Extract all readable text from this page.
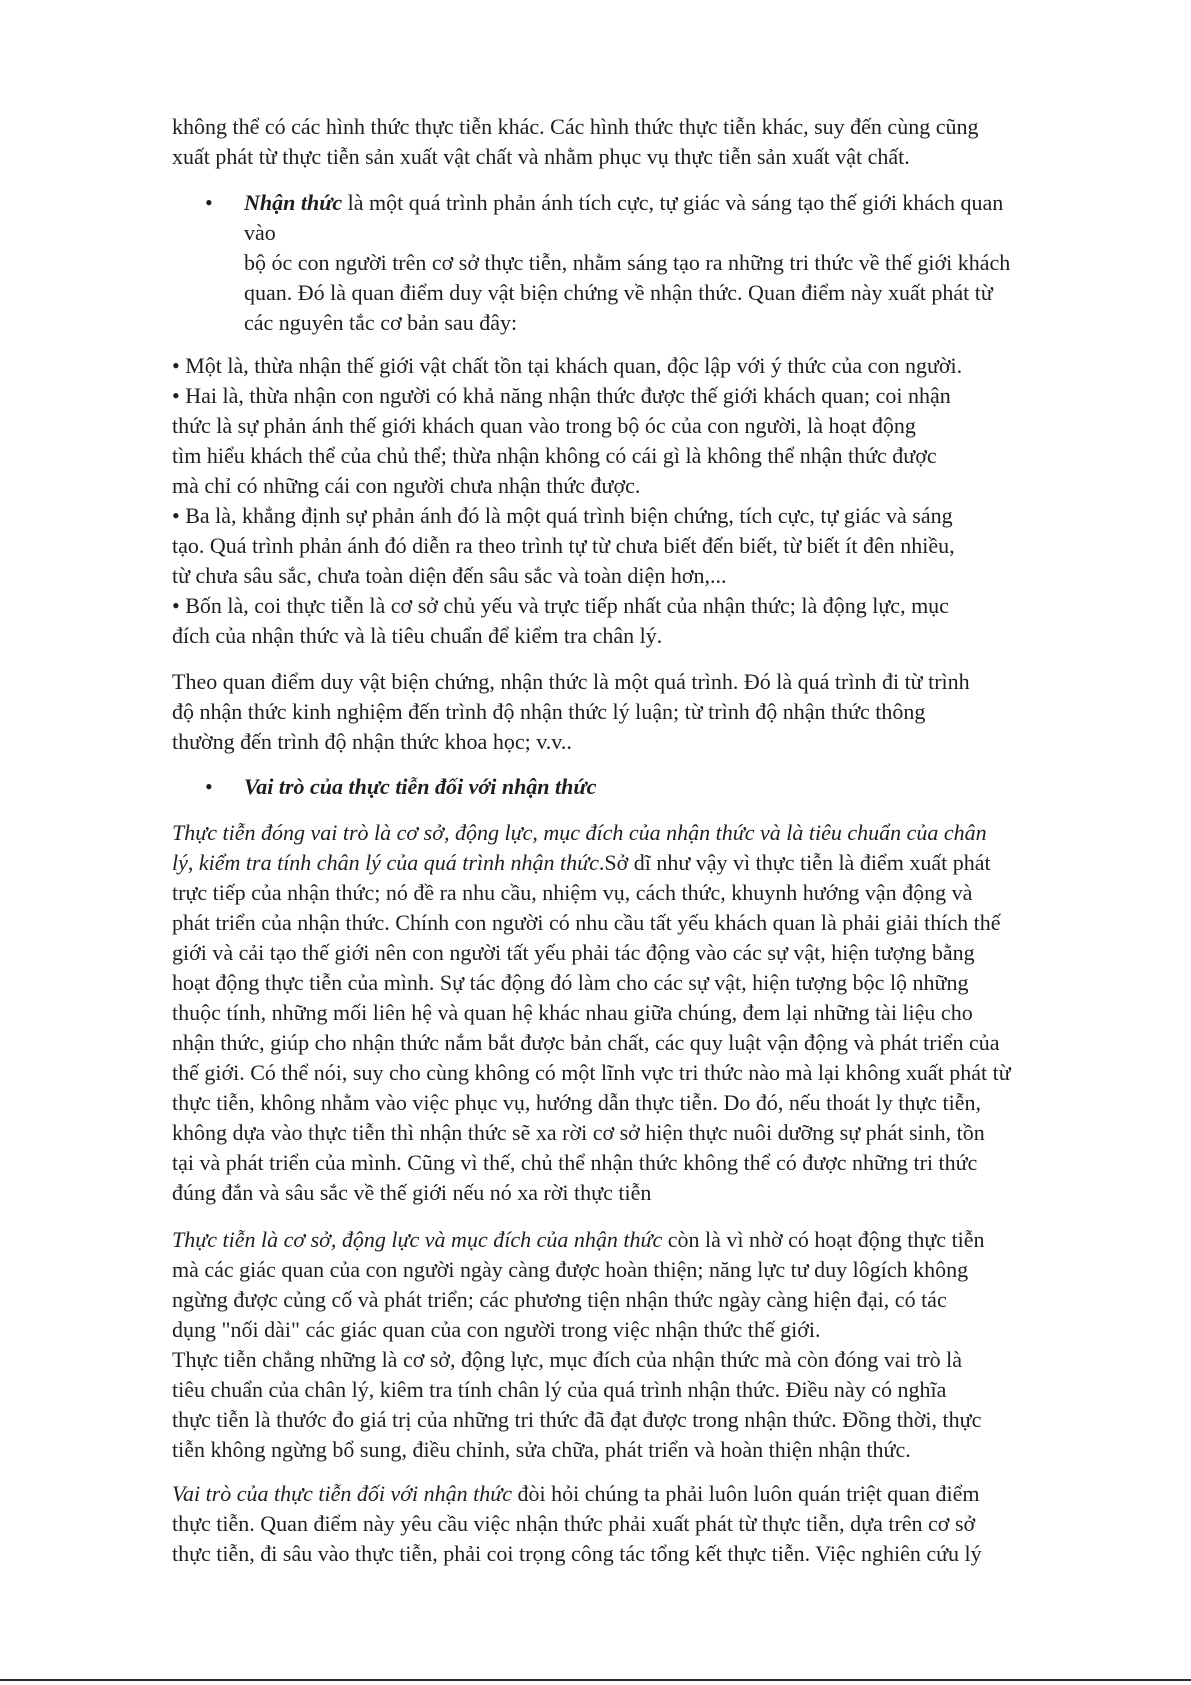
không thể có các hình thức thực tiễn khác. Các hình thức thực tiễn khác, suy đến cùng cũng
xuất phát từ thực tiễn sản xuất vật chất và nhằm phục vụ thực tiễn sản xuất vật chất.
•	Nhận thức là một quá trình phản ánh tích cực, tự giác và sáng tạo thế giới khách quan
vào
bộ óc con người trên cơ sở thực tiễn, nhằm sáng tạo ra những tri thức về thế giới khách
quan. Đó là quan điểm duy vật biện chứng về nhận thức. Quan điểm này xuất phát từ
các nguyên tắc cơ bản sau đây:
• Một là, thừa nhận thế giới vật chất tồn tại khách quan, độc lập với ý thức của con người.
• Hai là, thừa nhận con người có khả năng nhận thức được thế giới khách quan; coi nhận
thức là sự phản ánh thế giới khách quan vào trong bộ óc của con người, là hoạt động
tìm hiểu khách thể của chủ thể; thừa nhận không có cái gì là không thể nhận thức được
mà chỉ có những cái con người chưa nhận thức được.
• Ba là, khẳng định sự phản ánh đó là một quá trình biện chứng, tích cực, tự giác và sáng
tạo. Quá trình phản ánh đó diễn ra theo trình tự từ chưa biết đến biết, từ biết ít đên nhiều,
từ chưa sâu sắc, chưa toàn diện đến sâu sắc và toàn diện hơn,...
• Bốn là, coi thực tiễn là cơ sở chủ yếu và trực tiếp nhất của nhận thức; là động lực, mục
đích của nhận thức và là tiêu chuẩn để kiểm tra chân lý.
Theo quan điểm duy vật biện chứng, nhận thức là một quá trình. Đó là quá trình đi từ trình
độ nhận thức kinh nghiệm đến trình độ nhận thức lý luận; từ trình độ nhận thức thông
thường đến trình độ nhận thức khoa học; v.v..
•	Vai trò của thực tiễn đối với nhận thức
Thực tiễn đóng vai trò là cơ sở, động lực, mục đích của nhận thức và là tiêu chuẩn của chân
lý, kiểm tra tính chân lý của quá trình nhận thức.Sở dĩ như vậy vì thực tiễn là điểm xuất phát
trực tiếp của nhận thức; nó đề ra nhu cầu, nhiệm vụ, cách thức, khuynh hướng vận động và
phát triển của nhận thức. Chính con người có nhu cầu tất yếu khách quan là phải giải thích thế
giới và cải tạo thế giới nên con người tất yếu phải tác động vào các sự vật, hiện tượng bằng
hoạt động thực tiễn của mình. Sự tác động đó làm cho các sự vật, hiện tượng bộc lộ những
thuộc tính, những mối liên hệ và quan hệ khác nhau giữa chúng, đem lại những tài liệu cho
nhận thức, giúp cho nhận thức nắm bắt được bản chất, các quy luật vận động và phát triển của
thế giới. Có thể nói, suy cho cùng không có một lĩnh vực tri thức nào mà lại không xuất phát từ
thực tiễn, không nhằm vào việc phục vụ, hướng dẫn thực tiễn. Do đó, nếu thoát ly thực tiễn,
không dựa vào thực tiễn thì nhận thức sẽ xa rời cơ sở hiện thực nuôi dưỡng sự phát sinh, tồn
tại và phát triển của mình. Cũng vì thế, chủ thể nhận thức không thể có được những tri thức
đúng đắn và sâu sắc về thế giới nếu nó xa rời thực tiễn
Thực tiễn là cơ sở, động lực và mục đích của nhận thức còn là vì nhờ có hoạt động thực tiễn
mà các giác quan của con người ngày càng được hoàn thiện; năng lực tư duy lôgích không
ngừng được củng cố và phát triển; các phương tiện nhận thức ngày càng hiện đại, có tác
dụng "nối dài" các giác quan của con người trong việc nhận thức thế giới.
Thực tiễn chẳng những là cơ sở, động lực, mục đích của nhận thức mà còn đóng vai trò là
tiêu chuẩn của chân lý, kiêm tra tính chân lý của quá trình nhận thức. Điều này có nghĩa
thực tiễn là thước đo giá trị của những tri thức đã đạt được trong nhận thức. Đồng thời, thực
tiễn không ngừng bổ sung, điều chỉnh, sửa chữa, phát triển và hoàn thiện nhận thức.
Vai trò của thực tiễn đối với nhận thức đòi hỏi chúng ta phải luôn luôn quán triệt quan điểm
thực tiễn. Quan điểm này yêu cầu việc nhận thức phải xuất phát từ thực tiễn, dựa trên cơ sở
thực tiễn, đi sâu vào thực tiễn, phải coi trọng công tác tổng kết thực tiễn. Việc nghiên cứu lý
